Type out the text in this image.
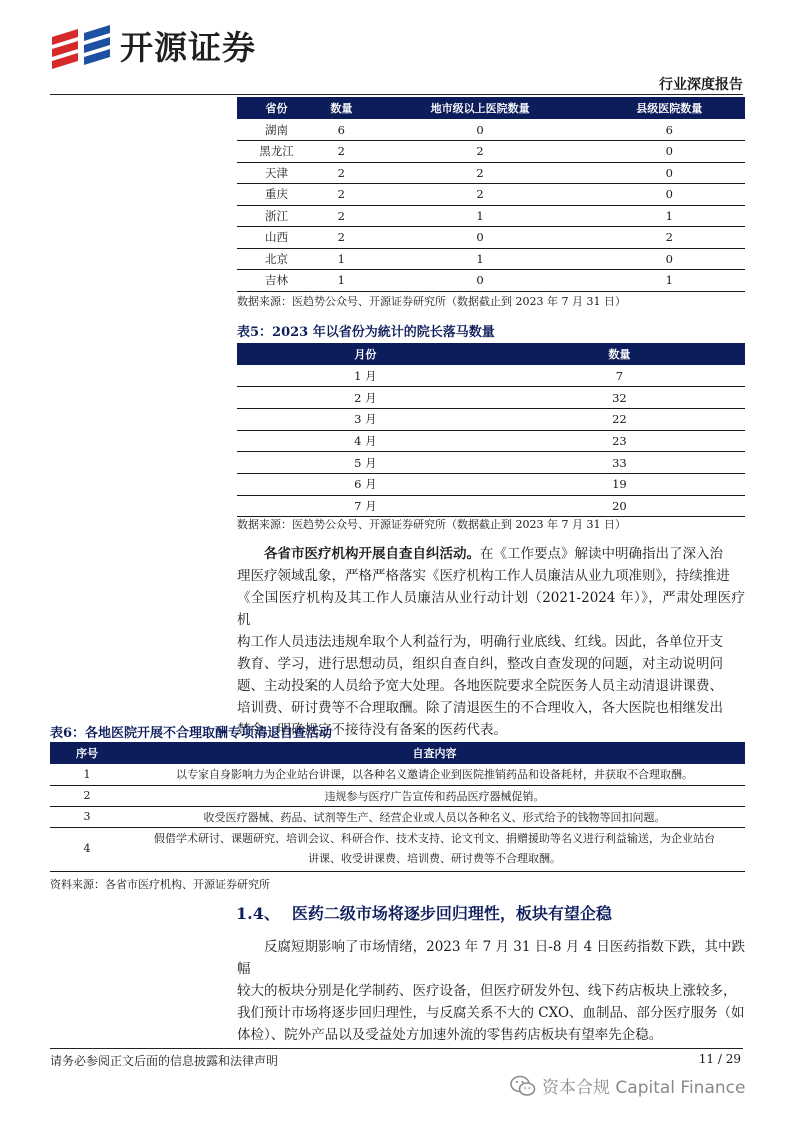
开源证券
行业深度报告
省份	数量	地市级以上医院数量	县级医院数量
湖南	6	0	6
黑龙江	2	2	0
天津	2	2	0
重庆	2	2	0
浙江	2	1	1
山西	2	0	2
北京	1	1	0
吉林	1	0	1
数据来源：医趋势公众号、开源证券研究所（数据截止到 2023 年 7 月 31 日）
表5：2023 年以省份为統计的院长落马数量
月份	数量
1 月	7
2 月	32
3 月	22
4 月	23
5 月	33
6 月	19
7 月	20
数据来源：医趋势公众号、开源证券研究所（数据截止到 2023 年 7 月 31 日）
各省市医疗机构开展自查自纠活动。在《工作要点》解读中明确指出了深入治
理医疗领域乱象，严格严格落实《医疗机构工作人员廉洁从业九项准则》，持续推进
《全国医疗机构及其工作人员廉洁从业行动计划（2021-2024 年）》，严肃处理医疗机
构工作人员违法违规牟取个人利益行为，明确行业底线、红线。因此，各单位开支
教育、学习，进行思想动员，组织自查自纠，整改自查发现的问题，对主动说明问
题、主动投案的人员给予宽大处理。各地医院要求全院医务人员主动清退讲课费、
培训费、研讨费等不合理取酬。除了清退医生的不合理收入，各大医院也相继发出
禁令，明确规定不接待没有备案的医药代表。
表6：各地医院开展不合理取酬专项清退自查活动
序号	自查内容
1	以专家自身影响力为企业站台讲课，以各种名义邀请企业到医院推销药品和设备耗材，并获取不合理取酬。
2	违规参与医疗广告宣传和药品医疗器械促销。
3	收受医疗器械、药品、试剂等生产、经营企业或人员以各种名义、形式给予的钱物等回扣问题。
4	假借学术研讨、课题研究、培训会议、科研合作、技术支持、论文刊文、捐赠援助等名义进行利益输送，为企业站台
讲课、收受讲课费、培训费、研讨费等不合理取酬。
资料来源：各省市医疗机构、开源证券研究所
1.4、 医药二级市场将逐步回归理性，板块有望企稳
反腐短期影响了市场情绪，2023 年 7 月 31 日-8 月 4 日医药指数下跌，其中跌幅
较大的板块分别是化学制药、医疗设备，但医疗研发外包、线下药店板块上涨较多，
我们预计市场将逐步回归理性，与反腐关系不大的 CXO、血制品、部分医疗服务（如
体检）、院外产品以及受益处方加速外流的零售药店板块有望率先企稳。
请务必参阅正文后面的信息披露和法律声明	11 / 29
资本合规 Capital Finance
